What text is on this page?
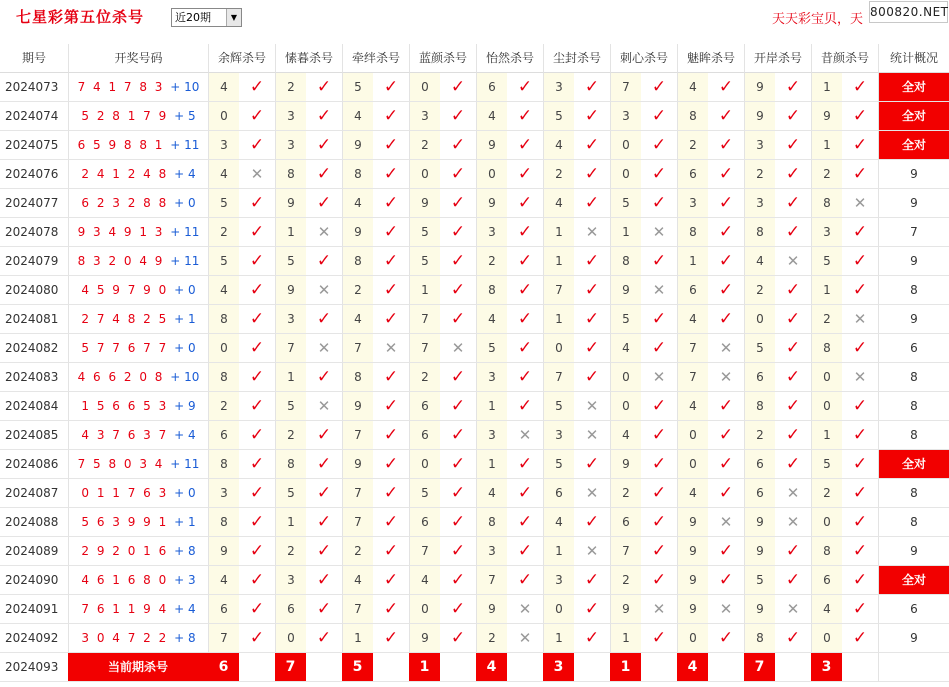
七星彩第五位杀号	近20期	▼	天天彩宝贝，天 800820.NET
期号	开奖号码	余辉杀号	愫暮杀号	牵绊杀号	蓝颜杀号	怡然杀号	尘封杀号	刺心杀号	魅眸杀号	开岸杀号	昔颜杀号	统计概况
2024073	7 4 1 7 8 3 + 10	4	✓	2	✓	5	✓	0	✓	6	✓	3	✓	7	✓	4	✓	9	✓	1	✓	全对
2024074	5 2 8 1 7 9 + 5	0	✓	3	✓	4	✓	3	✓	4	✓	5	✓	3	✓	8	✓	9	✓	9	✓	全对
2024075	6 5 9 8 8 1 + 11	3	✓	3	✓	9	✓	2	✓	9	✓	4	✓	0	✓	2	✓	3	✓	1	✓	全对
2024076	2 4 1 2 4 8 + 4	4	✕	8	✓	8	✓	0	✓	0	✓	2	✓	0	✓	6	✓	2	✓	2	✓	9
2024077	6 2 3 2 8 8 + 0	5	✓	9	✓	4	✓	9	✓	9	✓	4	✓	5	✓	3	✓	3	✓	8	✕	9
2024078	9 3 4 9 1 3 + 11	2	✓	1	✕	9	✓	5	✓	3	✓	1	✕	1	✕	8	✓	8	✓	3	✓	7
2024079	8 3 2 0 4 9 + 11	5	✓	5	✓	8	✓	5	✓	2	✓	1	✓	8	✓	1	✓	4	✕	5	✓	9
2024080	4 5 9 7 9 0 + 0	4	✓	9	✕	2	✓	1	✓	8	✓	7	✓	9	✕	6	✓	2	✓	1	✓	8
2024081	2 7 4 8 2 5 + 1	8	✓	3	✓	4	✓	7	✓	4	✓	1	✓	5	✓	4	✓	0	✓	2	✕	9
2024082	5 7 7 6 7 7 + 0	0	✓	7	✕	7	✕	7	✕	5	✓	0	✓	4	✓	7	✕	5	✓	8	✓	6
2024083	4 6 6 2 0 8 + 10	8	✓	1	✓	8	✓	2	✓	3	✓	7	✓	0	✕	7	✕	6	✓	0	✕	8
2024084	1 5 6 6 5 3 + 9	2	✓	5	✕	9	✓	6	✓	1	✓	5	✕	0	✓	4	✓	8	✓	0	✓	8
2024085	4 3 7 6 3 7 + 4	6	✓	2	✓	7	✓	6	✓	3	✕	3	✕	4	✓	0	✓	2	✓	1	✓	8
2024086	7 5 8 0 3 4 + 11	8	✓	8	✓	9	✓	0	✓	1	✓	5	✓	9	✓	0	✓	6	✓	5	✓	全对
2024087	0 1 1 7 6 3 + 0	3	✓	5	✓	7	✓	5	✓	4	✓	6	✕	2	✓	4	✓	6	✕	2	✓	8
2024088	5 6 3 9 9 1 + 1	8	✓	1	✓	7	✓	6	✓	8	✓	4	✓	6	✓	9	✕	9	✕	0	✓	8
2024089	2 9 2 0 1 6 + 8	9	✓	2	✓	2	✓	7	✓	3	✓	1	✕	7	✓	9	✓	9	✓	8	✓	9
2024090	4 6 1 6 8 0 + 3	4	✓	3	✓	4	✓	4	✓	7	✓	3	✓	2	✓	9	✓	5	✓	6	✓	全对
2024091	7 6 1 1 9 4 + 4	6	✓	6	✓	7	✓	0	✓	9	✕	0	✓	9	✕	9	✕	9	✕	4	✓	6
2024092	3 0 4 7 2 2 + 8	7	✓	0	✓	1	✓	9	✓	2	✕	1	✓	1	✓	0	✓	8	✓	0	✓	9
2024093	当前期杀号	6	7	5	1	4	3	1	4	7	3
